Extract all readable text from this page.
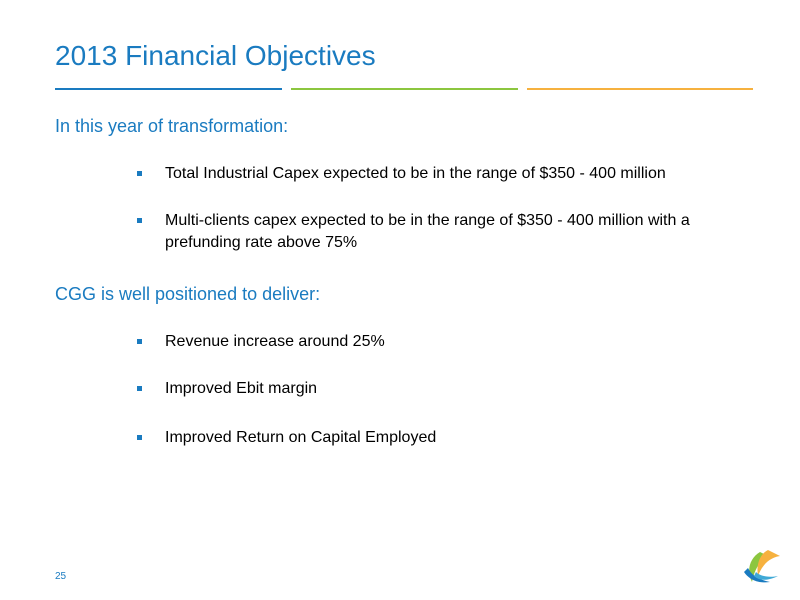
2013 Financial Objectives
In this year of transformation:
Total Industrial Capex expected to be in the range of $350 - 400 million
Multi-clients capex expected to be in the range of $350 - 400 million with a prefunding rate above 75%
CGG is well positioned to deliver:
Revenue increase around 25%
Improved Ebit margin
Improved Return on Capital Employed
25
